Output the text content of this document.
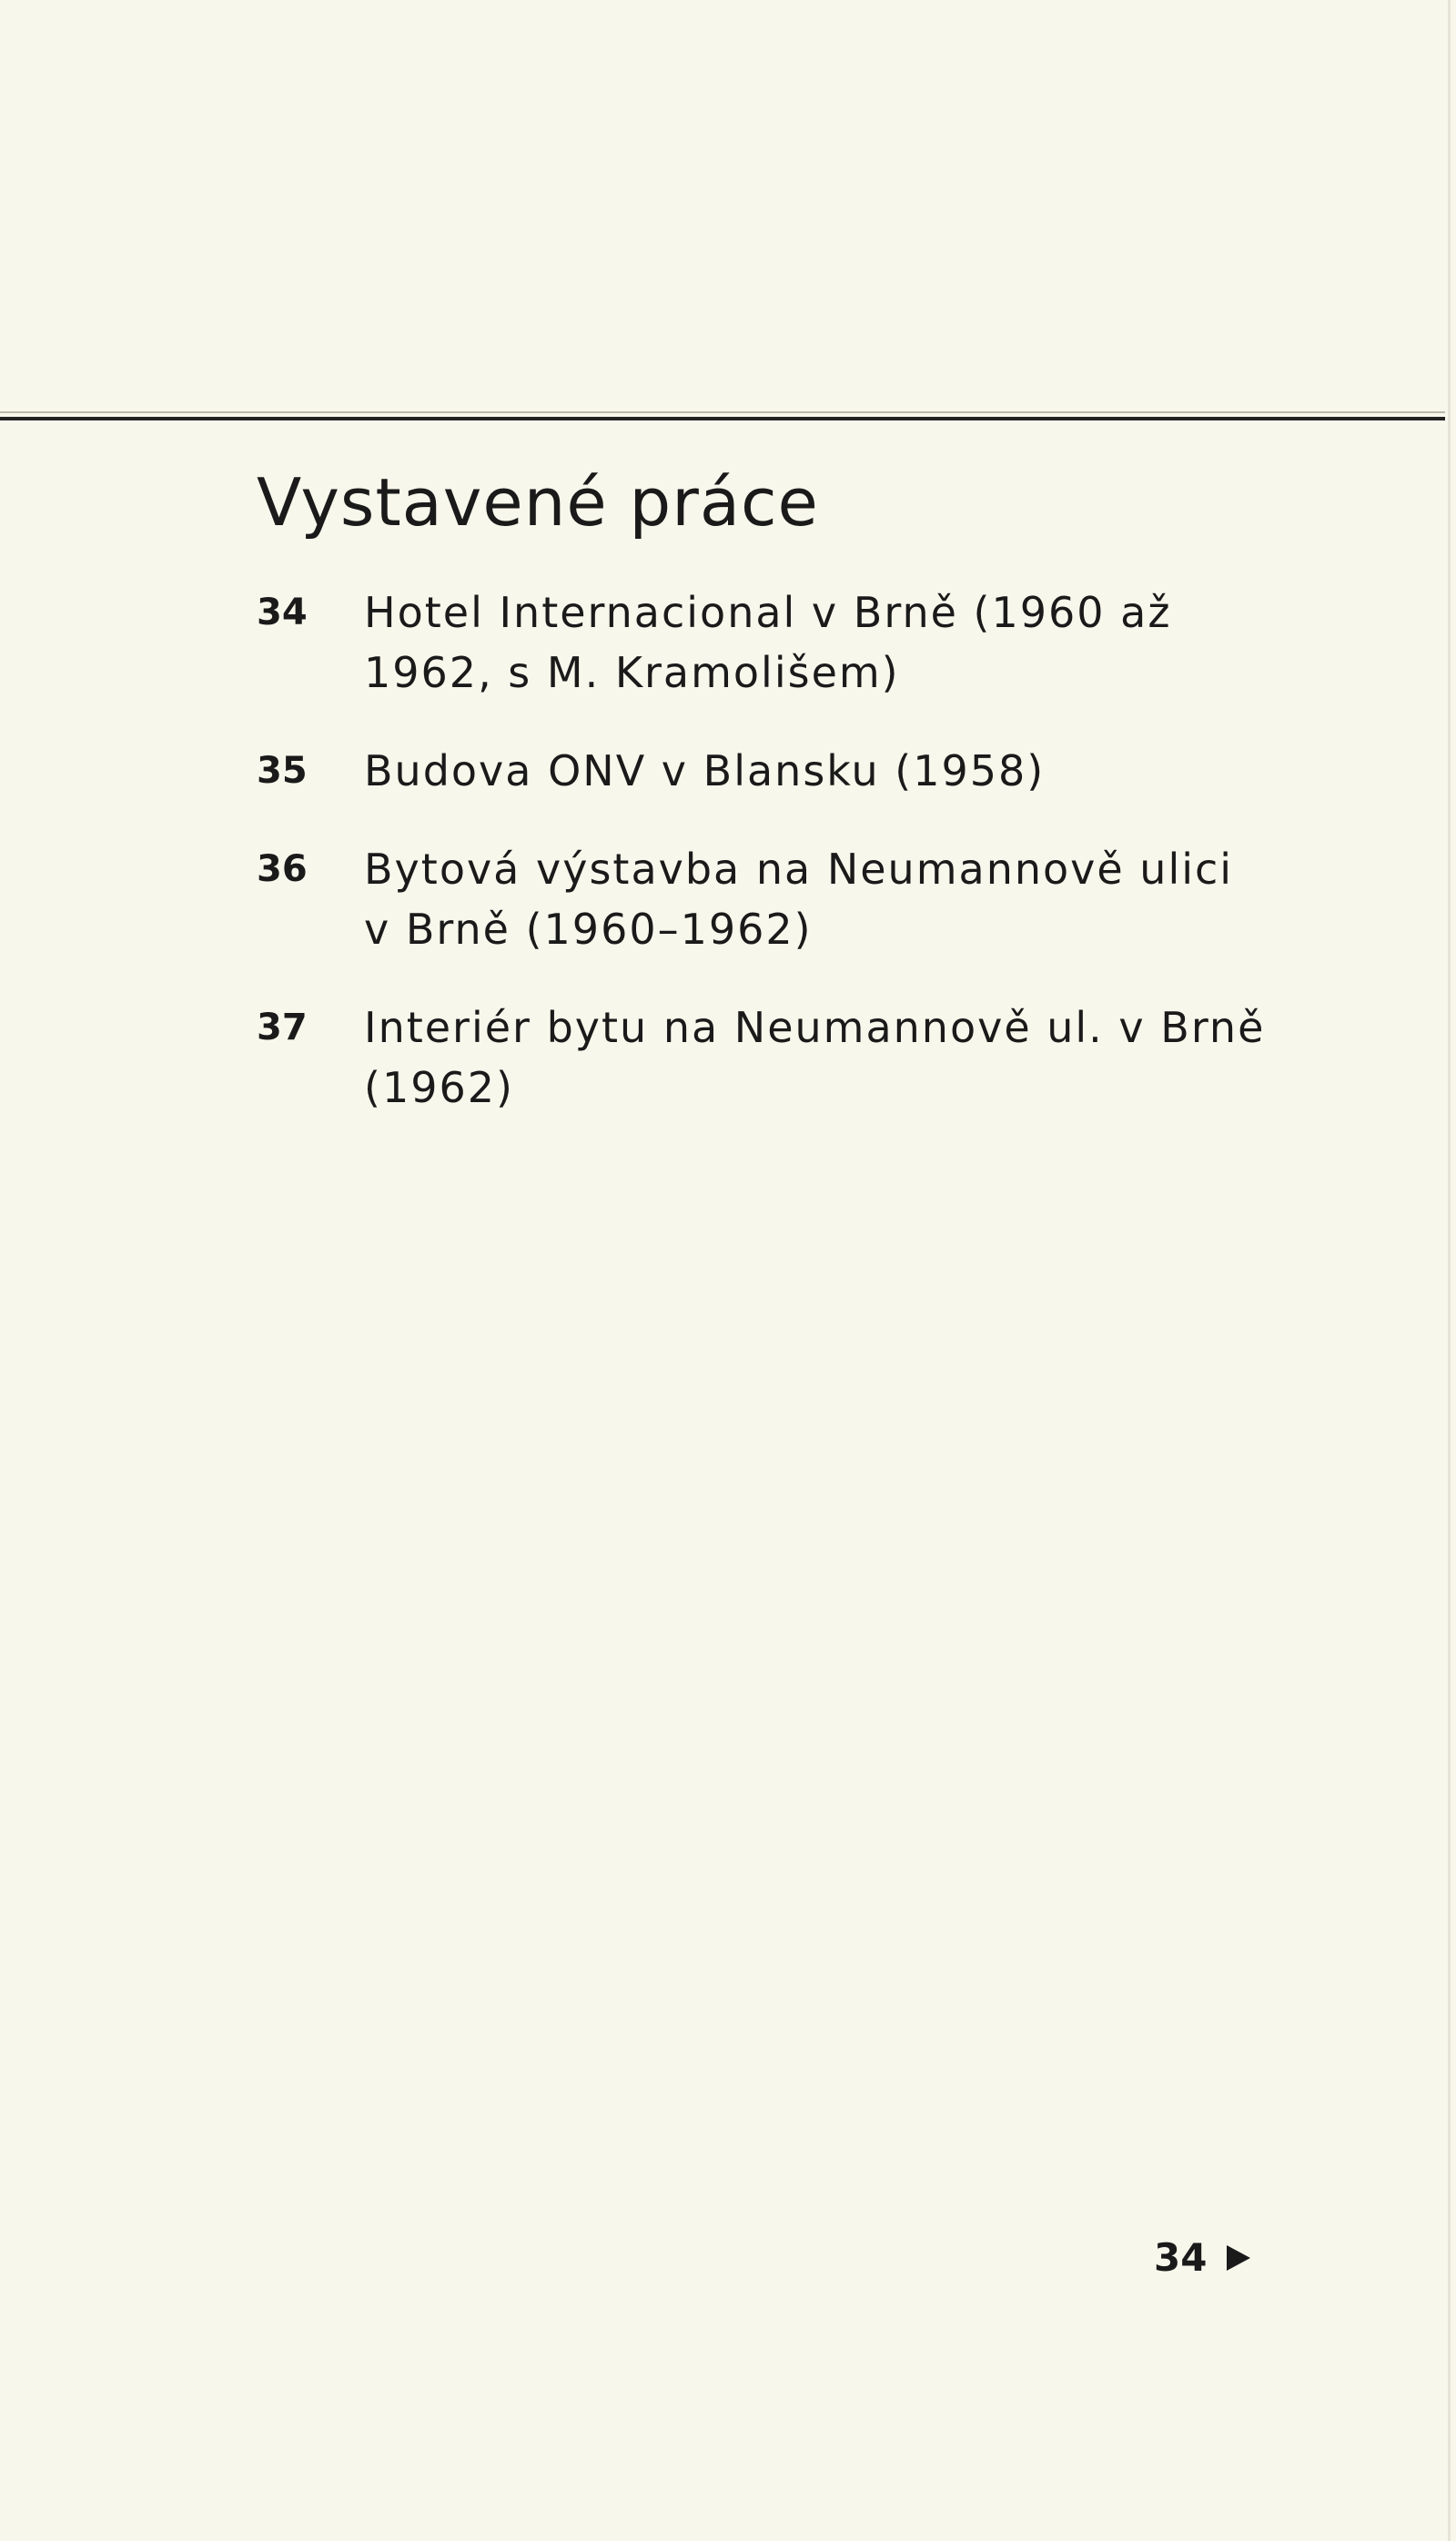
Vystavené práce
34	Hotel Internacional v Brně (1960 až 1962, s M. Kramolišem)
35	Budova ONV v Blansku (1958)
36	Bytová výstavba na Neumannově ulici v Brně (1960–1962)
37	Interiér bytu na Neumannově ul. v Brně (1962)
34
